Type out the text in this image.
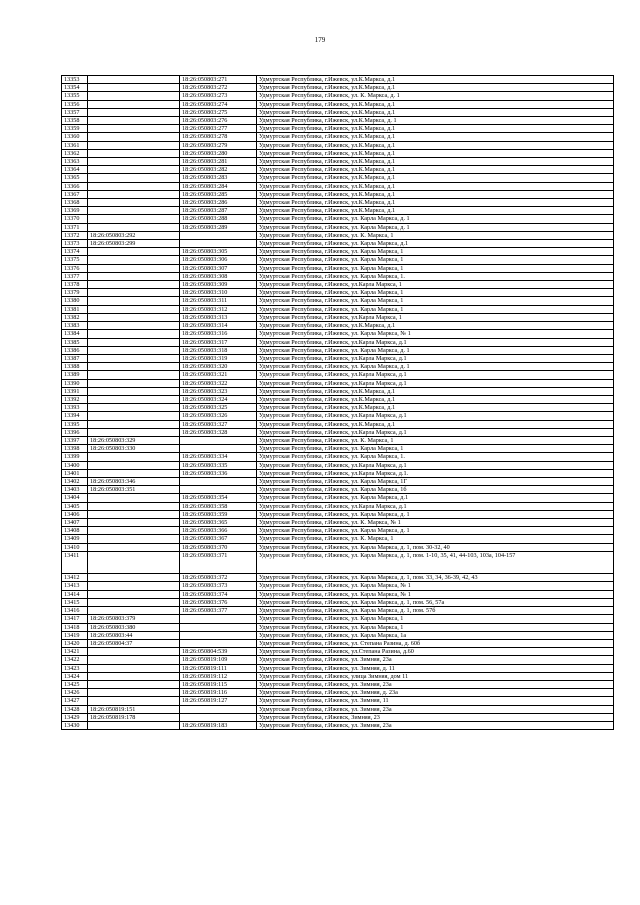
179
13353		18:26:050803:271	Удмуртская Республика, г.Ижевск, ул.К.Маркса, д.1
13354		18:26:050803:272	Удмуртская Республика, г.Ижевск, ул.К.Маркса, д.1
13355		18:26:050803:273	Удмуртская Республика, г.Ижевск, ул. К. Маркса, д. 1
13356		18:26:050803:274	Удмуртская Республика, г.Ижевск, ул.К.Маркса, д.1
13357		18:26:050803:275	Удмуртская Республика, г.Ижевск, ул.К.Маркса, д.1
13358		18:26:050803:276	Удмуртская Республика, г.Ижевск, ул.К.Маркса, д. 1
13359		18:26:050803:277	Удмуртская Республика, г.Ижевск, ул.К.Маркса, д.1
13360		18:26:050803:278	Удмуртская Республика, г.Ижевск, ул.К.Маркса, д.1
13361		18:26:050803:279	Удмуртская Республика, г.Ижевск, ул.К.Маркса, д.1
13362		18:26:050803:280	Удмуртская Республика, г.Ижевск, ул.К.Маркса, д.1
13363		18:26:050803:281	Удмуртская Республика, г.Ижевск, ул.К.Маркса, д.1
13364		18:26:050803:282	Удмуртская Республика, г.Ижевск, ул.К.Маркса, д.1
13365		18:26:050803:283	Удмуртская Республика, г.Ижевск, ул.К.Маркса, д.1
13366		18:26:050803:284	Удмуртская Республика, г.Ижевск, ул.К.Маркса, д.1
13367		18:26:050803:285	Удмуртская Республика, г.Ижевск, ул.К.Маркса, д.1
13368		18:26:050803:286	Удмуртская Республика, г.Ижевск, ул.К.Маркса, д.1
13369		18:26:050803:287	Удмуртская Республика, г.Ижевск, ул.К.Маркса, д.1
13370		18:26:050803:288	Удмуртская Республика, г.Ижевск, ул. Карла Маркса, д. 1
13371		18:26:050803:289	Удмуртская Республика, г.Ижевск, ул. Карла Маркса, д. 1
13372	18:26:050803:292		Удмуртская Республика, г.Ижевск, ул. К. Маркса, 1
13373	18:26:050803:299		Удмуртская Республика, г.Ижевск, ул. Карла Маркса, д.1
13374		18:26:050803:305	Удмуртская Республика, г.Ижевск, ул. Карла Маркса, 1
13375		18:26:050803:306	Удмуртская Республика, г.Ижевск, ул. Карла Маркса, 1
13376		18:26:050803:307	Удмуртская Республика, г.Ижевск, ул. Карла Маркса, 1
13377		18:26:050803:308	Удмуртская Республика, г.Ижевск, ул. Карла Маркса, 1.
13378		18:26:050803:309	Удмуртская Республика, г.Ижевск, ул.Карла Маркса, 1
13379		18:26:050803:310	Удмуртская Республика, г.Ижевск, ул. Карла Маркса, 1
13380		18:26:050803:311	Удмуртская Республика, г.Ижевск, ул. Карла Маркса, 1
13381		18:26:050803:312	Удмуртская Республика, г.Ижевск, ул. Карла Маркса, 1
13382		18:26:050803:313	Удмуртская Республика, г.Ижевск, ул.Карла Маркса, 1
13383		18:26:050803:314	Удмуртская Республика, г.Ижевск, ул.К.Маркса, д.1
13384		18:26:050803:316	Удмуртская Республика, г.Ижевск, ул. Карла Маркса, № 1
13385		18:26:050803:317	Удмуртская Республика, г.Ижевск, ул.Карла Маркса, д.1
13386		18:26:050803:318	Удмуртская Республика, г.Ижевск, ул. Карла Маркса, д. 1
13387		18:26:050803:319	Удмуртская Республика, г.Ижевск, ул.Карла Маркса, д.1
13388		18:26:050803:320	Удмуртская Республика, г.Ижевск, ул. Карла Маркса, д. 1
13389		18:26:050803:321	Удмуртская Республика, г.Ижевск, ул.Карла Маркса, д.1
13390		18:26:050803:322	Удмуртская Республика, г.Ижевск, ул.Карла Маркса, д.1
13391		18:26:050803:323	Удмуртская Республика, г.Ижевск, ул.К.Маркса, д.1
13392		18:26:050803:324	Удмуртская Республика, г.Ижевск, ул.К.Маркса, д.1
13393		18:26:050803:325	Удмуртская Республика, г.Ижевск, ул.К.Маркса, д.1
13394		18:26:050803:326	Удмуртская Республика, г.Ижевск, ул.Карла Маркса, д.1
13395		18:26:050803:327	Удмуртская Республика, г.Ижевск, ул.К.Маркса, д.1
13396		18:26:050803:328	Удмуртская Республика, г.Ижевск, ул.Карла Маркса, д.1
13397	18:26:050803:329		Удмуртская Республика, г.Ижевск, ул. К. Маркса, 1
13398	18:26:050803:330		Удмуртская Республика, г.Ижевск, ул. Карла Маркса, 1
13399		18:26:050803:334	Удмуртская Республика, г.Ижевск, ул. Карла Маркса, 1.
13400		18:26:050803:335	Удмуртская Республика, г.Ижевск, ул.Карла Маркса, д.1
13401		18:26:050803:336	Удмуртская Республика, г.Ижевск, ул.Карла Маркса, д.1.
13402	18:26:050803:346		Удмуртская Республика, г.Ижевск, ул. Карла Маркса, 1Г
13403	18:26:050803:351		Удмуртская Республика, г.Ижевск, ул. Карла Маркса, 1б
13404		18:26:050803:354	Удмуртская Республика, г.Ижевск, ул. Карла Маркса, д.1
13405		18:26:050803:358	Удмуртская Республика, г.Ижевск, ул.Карла Маркса, д.1
13406		18:26:050803:359	Удмуртская Республика, г.Ижевск, ул. Карла Маркса, д. 1
13407		18:26:050803:365	Удмуртская Республика, г.Ижевск, ул. К. Маркса, № 1
13408		18:26:050803:366	Удмуртская Республика, г.Ижевск, ул. Карла Маркса, д. 1
13409		18:26:050803:367	Удмуртская Республика, г.Ижевск, ул. К. Маркса, 1
13410		18:26:050803:370	Удмуртская Республика, г.Ижевск, ул. Карла Маркса, д. 1, пом. 30-32, 40
13411		18:26:050803:371	Удмуртская Республика, г.Ижевск, ул. Карла Маркса, д. 1, пом. 1-10, 35, 41, 44-103, 103а, 104-157
13412		18:26:050803:372	Удмуртская Республика, г.Ижевск, ул. Карла Маркса, д. 1, пом. 33, 34, 36-39, 42, 43
13413		18:26:050803:373	Удмуртская Республика, г.Ижевск, ул. Карла Маркса, № 1
13414		18:26:050803:374	Удмуртская Республика, г.Ижевск, ул. Карла Маркса, № 1
13415		18:26:050803:376	Удмуртская Республика, г.Ижевск, ул. Карла Маркса, д. 1, пом. 56, 57а
13416		18:26:050803:377	Удмуртская Республика, г.Ижевск, ул. Карла Маркса, д. 1, пом. 57б
13417	18:26:050803:379		Удмуртская Республика, г.Ижевск, ул. Карла Маркса, 1
13418	18:26:050803:380		Удмуртская Республика, г.Ижевск, ул. Карла Маркса, 1
13419	18:26:050803:44		Удмуртская Республика, г.Ижевск, ул. Карла Маркса, 1а
13420	18:26:050804:37		Удмуртская Республика, г.Ижевск, ул. Степана Разина, д. 60б
13421		18:26:050804:539	Удмуртская Республика, г.Ижевск, ул.Степана Разина, д.60
13422		18:26:050819:109	Удмуртская Республика, г.Ижевск, ул. Зимняя, 23а
13423		18:26:050819:111	Удмуртская Республика, г.Ижевск, ул. Зимняя, д. 11
13424		18:26:050819:112	Удмуртская Республика, г.Ижевск, улица Зимняя, дом 11
13425		18:26:050819:115	Удмуртская Республика, г.Ижевск, ул. Зимняя, 23а
13426		18:26:050819:116	Удмуртская Республика, г.Ижевск, ул. Зимняя, д. 23а
13427		18:26:050819:127	Удмуртская Республика, г.Ижевск, ул. Зимняя, 11
13428	18:26:050819:151		Удмуртская Республика, г.Ижевск, ул. Зимняя, 23а
13429	18:26:050819:178		Удмуртская Республика, г.Ижевск, Зимняя, 23
13430		18:26:050819:183	Удмуртская Республика, г.Ижевск, ул. Зимняя, 23а
